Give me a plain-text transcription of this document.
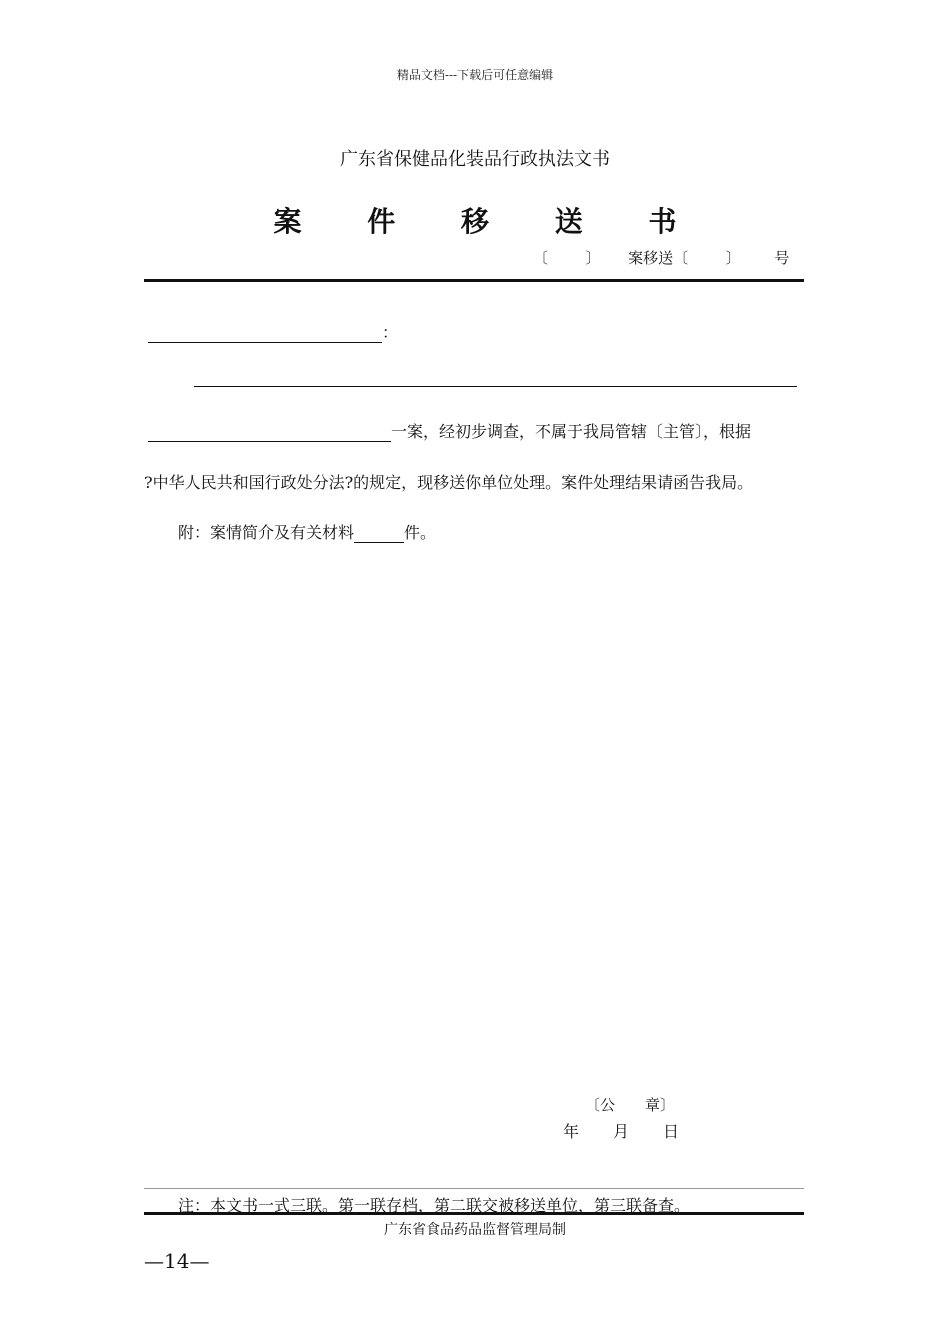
精品文档---下载后可任意编辑
广东省保健品化装品行政执法文书
案 件 移 送 书
〔	〕 案移送〔	〕 号
：
一案，经初步调查，不属于我局管辖〔主管〕，根据
?中华人民共和国行政处分法?的规定，现移送你单位处理。案件处理结果请函告我局。
附：案情简介及有关材料	件。
〔公　　章〕
年 月 日
注：本文书一式三联。第一联存档，第二联交被移送单位，第三联备查。
广东省食品药品监督管理局制
—14—
